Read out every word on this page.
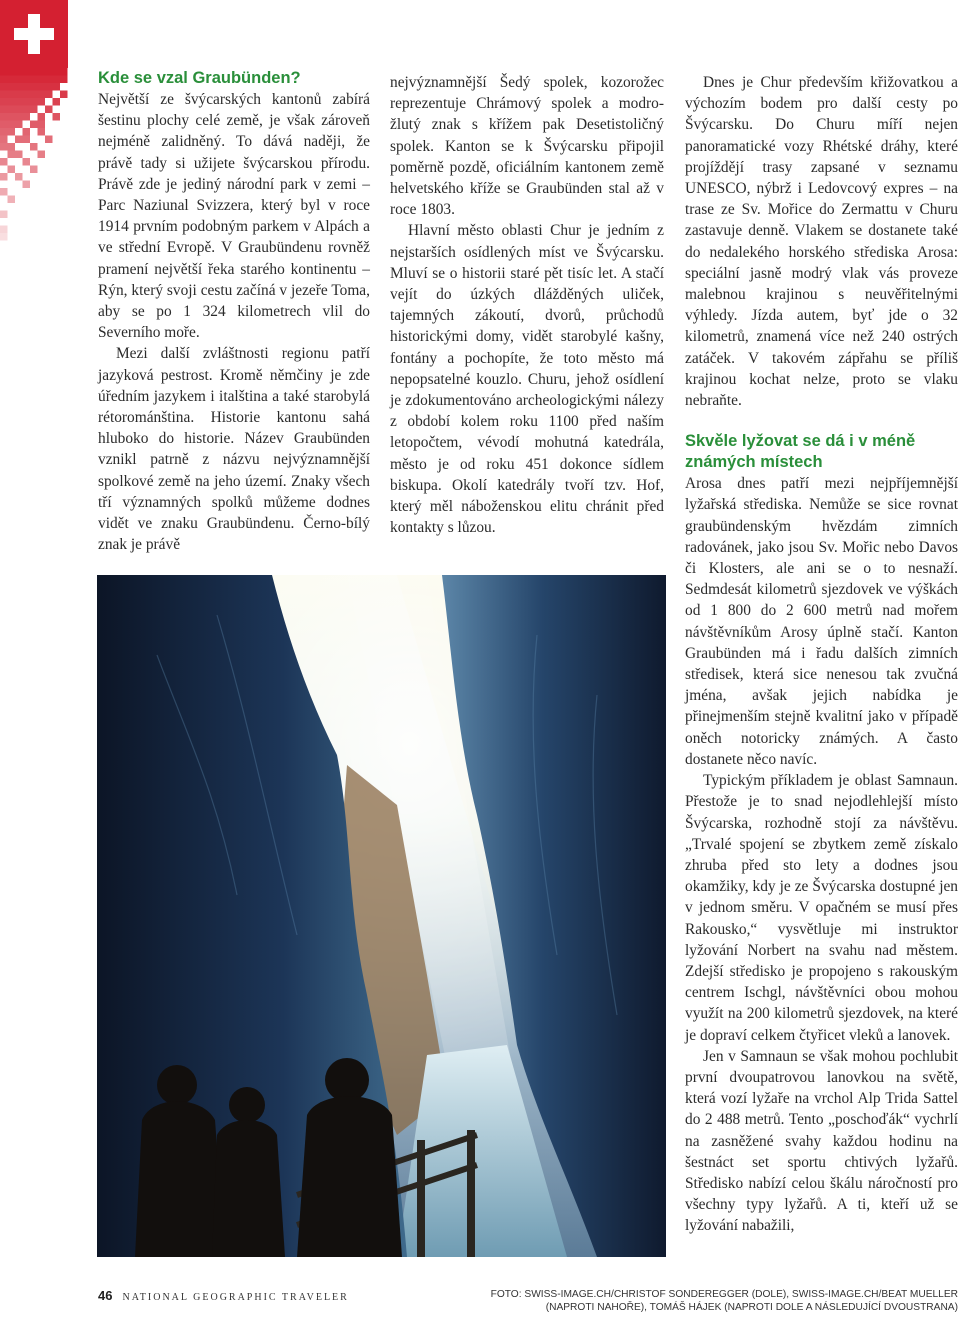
Kde se vzal Graubünden?

Největší ze švýcarských kantonů zabírá šestinu plochy celé země, je však zároveň nejméně zalidněný. To dává naději, že právě tady si užijete švýcarskou přírodu. Právě zde je jediný národní park v zemi – Parc Naziunal Svizzera, který byl v roce 1914 prvním podobným parkem v Alpách a ve střední Evropě. V Graubündenu rovněž pramení největší řeka starého kontinentu – Rýn, který svoji cestu začíná v jezeře Toma, aby se po 1 324 kilometrech vlil do Severního moře.

Mezi další zvláštnosti regionu patří jazyková pestrost. Kromě němčiny je zde úředním jazykem i italština a také starobylá rétorománština. Historie kantonu sahá hluboko do historie. Název Graubünden vznikl patrně z názvu nejvýznamnější spolkové země na jeho území. Znaky všech tří významných spolků můžeme dodnes vidět ve znaku Graubündenu. Černo-bílý znak je právě

nejvýznamnější Šedý spolek, kozorožec reprezentuje Chrámový spolek a modro-žlutý znak s křížem pak Desetistoličný spolek. Kanton se k Švýcarsku připojil poměrně pozdě, oficiálním kantonem země helvetského kříže se Graubünden stal až v roce 1803.

Hlavní město oblasti Chur je jedním z nejstarších osídlených míst ve Švýcarsku. Mluví se o historii staré pět tisíc let. A stačí vejít do úzkých dlážděných uliček, tajemných zákoutí, dvorů, průchodů historickými domy, vidět starobylé kašny, fontány a pochopíte, že toto město má nepopsatelné kouzlo. Churu, jehož osídlení je zdokumentováno archeologickými nálezy z období kolem roku 1100 před naším letopočtem, vévodí mohutná katedrála, město je od roku 451 dokonce sídlem biskupa. Okolí katedrály tvoří tzv. Hof, který měl náboženskou elitu chránit před kontakty s lůzou.

Dnes je Chur především křižovatkou a výchozím bodem pro další cesty po Švýcarsku. Do Churu míří nejen panoramatické vozy Rhétské dráhy, které projíždějí trasy zapsané v seznamu UNESCO, nýbrž i Ledovcový expres – na trase ze Sv. Mořice do Zermattu v Churu zastavuje denně. Vlakem se dostanete také do nedalekého horského střediska Arosa: speciální jasně modrý vlak vás proveze malebnou krajinou s neuvěřitelnými výhledy. Jízda autem, byť jde o 32 kilometrů, znamená více než 240 ostrých zatáček. V takovém zápřahu se příliš krajinou kochat nelze, proto se vlaku nebraňte.

Skvěle lyžovat se dá i v méně známých místech

Arosa dnes patří mezi nejpříjemnější lyžařská střediska. Nemůže se sice rovnat graubündenským hvězdám zimních radovánek, jako jsou Sv. Mořic nebo Davos či Klosters, ale ani se o to nesnaží. Sedmdesát kilometrů sjezdovek ve výškách od 1 800 do 2 600 metrů nad mořem návštěvníkům Arosy úplně stačí. Kanton Graubünden má i řadu dalších zimních středisek, která sice nenesou tak zvučná jména, avšak jejich nabídka je přinejmenším stejně kvalitní jako v případě oněch notoricky známých. A často dostanete něco navíc.

Typickým příkladem je oblast Samnaun. Přestože je to snad nejodlehlejší místo Švýcarska, rozhodně stojí za návštěvu. „Trvalé spojení se zbytkem země získalo zhruba před sto lety a dodnes jsou okamžiky, kdy je ze Švýcarska dostupné jen v jednom směru. V opačném se musí přes Rakousko,“ vysvětluje mi instruktor lyžování Norbert na svahu nad městem. Zdejší středisko je propojeno s rakouským centrem Ischgl, návštěvníci obou mohou využít na 200 kilometrů sjezdovek, na které je dopraví celkem čtyřicet vleků a lanovek.

Jen v Samnaun se však mohou pochlubit první dvoupatrovou lanovkou na světě, která vozí lyžaře na vrchol Alp Trida Sattel do 2 488 metrů. Tento „poschoďák“ vychrlí na zasněžené svahy každou hodinu na šestnáct set sportu chtivých lyžařů. Středisko nabízí celou škálu náročností pro všechny typy lyžařů. A ti, kteří už se lyžování nabažili,

46 NATIONAL GEOGRAPHIC TRAVELER	FOTO: SWISS-IMAGE.CH/CHRISTOF SONDEREGGER (DOLE), SWISS-IMAGE.CH/BEAT MUELLER
(NAPROTI NAHOŘE), TOMÁŠ HÁJEK (NAPROTI DOLE A NÁSLEDUJÍCÍ DVOUSTRANA)
